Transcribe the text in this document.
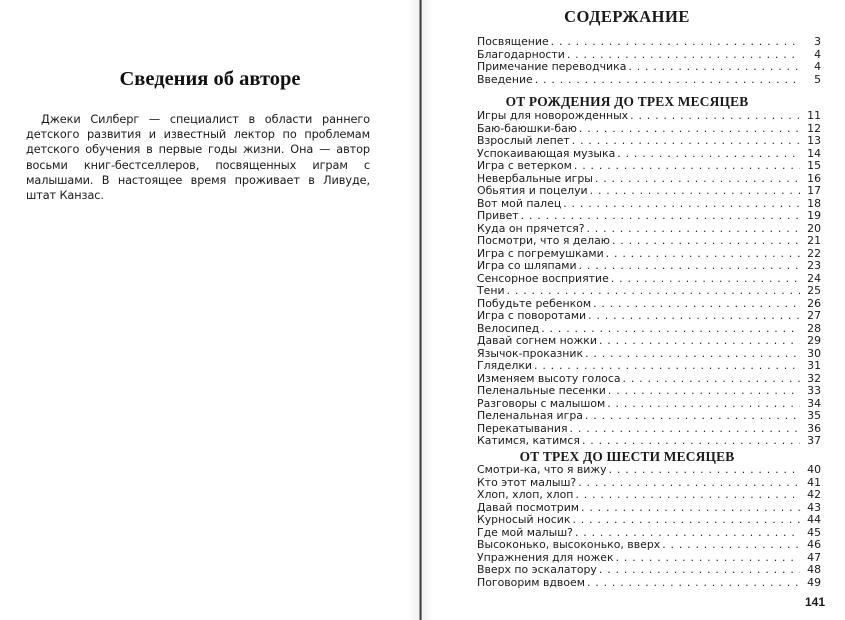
Сведения об авторе
Джеки Силберг — специалист в области раннего детского развития и известный лектор по проблемам детского обучения в первые годы жизни. Она — автор восьми книг-бестселлеров, посвященных играм с малышами. В настоящее время проживает в Ливуде, штат Канзас.
СОДЕРЖАНИЕ
Посвящение . . .	3
Благодарности . . .	4
Примечание переводчика . . .	4
Введение . . .	5
ОТ РОЖДЕНИЯ ДО ТРЕХ МЕСЯЦЕВ
Игры для новорожденных . . .	11
Баю-баюшки-баю . . .	12
Взрослый лепет . . .	13
Успокаивающая музыка . . .	14
Игра с ветерком . . .	15
Невербальные игры . . .	16
Обьятия и поцелуи . . .	17
Вот мой палец . . .	18
Привет . . .	19
Куда он прячется? . . .	20
Посмотри, что я делаю . . .	21
Игра с погремушками . . .	22
Игра со шляпами . . .	23
Сенсорное восприятие . . .	24
Тени . . .	25
Побудьте ребенком . . .	26
Игра с поворотами . . .	27
Велосипед . . .	28
Давай согнем ножки . . .	29
Язычок-проказник . . .	30
Гляделки . . .	31
Изменяем высоту голоса . . .	32
Пеленальные песенки . . .	33
Разговоры с малышом . . .	34
Пеленальная игра . . .	35
Перекатывания . . .	36
Катимся, катимся . . .	37
ОТ ТРЕХ ДО ШЕСТИ МЕСЯЦЕВ
Смотри-ка, что я вижу . . .	40
Кто этот малыш? . . .	41
Хлоп, хлоп, хлоп . . .	42
Давай посмотрим . . .	43
Курносый носик . . .	44
Где мой малыш? . . .	45
Высоконько, высоконько, вверх . . .	46
Упражнения для ножек . . .	47
Вверх по эскалатору . . .	48
Поговорим вдвоем . . .	49
141
